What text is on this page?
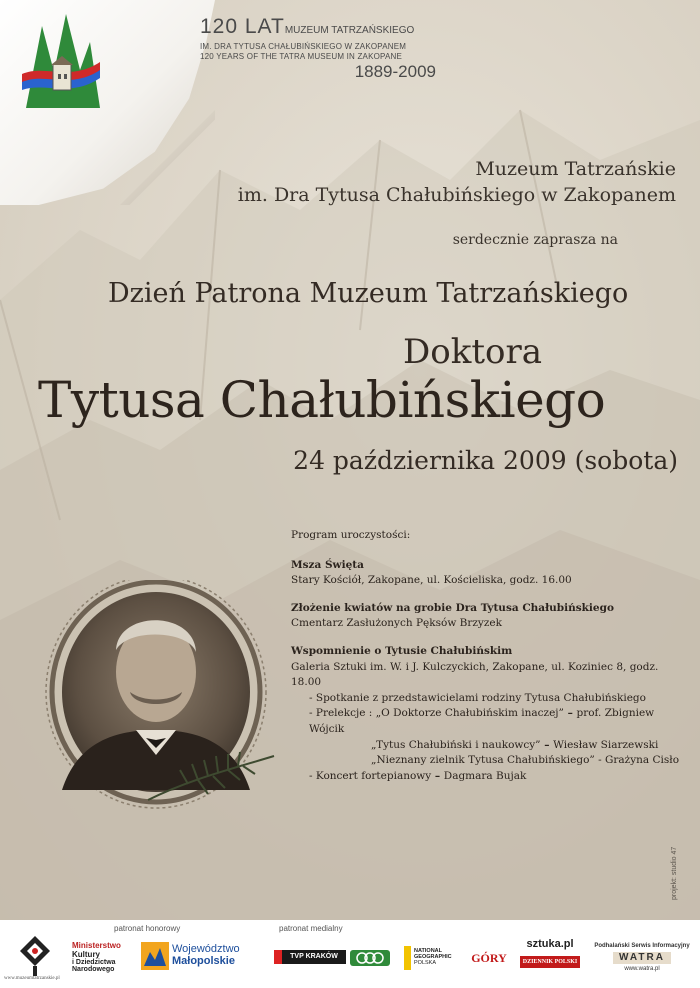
120 LATMUZEUM TATRZAŃSKIEGO
IM. DRA TYTUSA CHAŁUBIŃSKIEGO W ZAKOPANEM
120 YEARS OF THE TATRA MUSEUM IN ZAKOPANE
1889-2009
Muzeum Tatrzańskie
im. Dra Tytusa Chałubińskiego w Zakopanem
serdecznie zaprasza na
Dzień Patrona Muzeum Tatrzańskiego
Doktora
Tytusa Chałubińskiego
24 października 2009 (sobota)
Program uroczystości:
Msza Święta
Stary Kościół, Zakopane, ul. Kościeliska, godz. 16.00
Złożenie kwiatów na grobie Dra Tytusa Chałubińskiego
Cmentarz Zasłużonych Pęksów Brzyzek
Wspomnienie o Tytusie Chałubińskim
Galeria Sztuki im. W. i J. Kulczyckich, Zakopane, ul. Koziniec 8, godz. 18.00
- Spotkanie z przedstawicielami rodziny Tytusa Chałubińskiego
- Prelekcje : „O Doktorze Chałubińskim inaczej” – prof. Zbigniew Wójcik
„Tytus Chałubiński i naukowcy” – Wiesław Siarzewski
„Nieznany zielnik Tytusa Chałubińskiego” - Grażyna Cisło
- Koncert fortepianowy – Dagmara Bujak
projekt: studio 47
patronat honorowy	patronat medialny
Ministerstwo
Kultury
i Dziedzictwa
Narodowego
Województwo
Małopolskie	TVP KRAKÓW
NATIONAL
GEOGRAPHIC
POLSKA	GÓRY
sztuka.pl
DZIENNIK POLSKI
Podhalański Serwis Informacyjny
WATRA
www.watra.pl
www.muzeumtatrzanskie.pl
